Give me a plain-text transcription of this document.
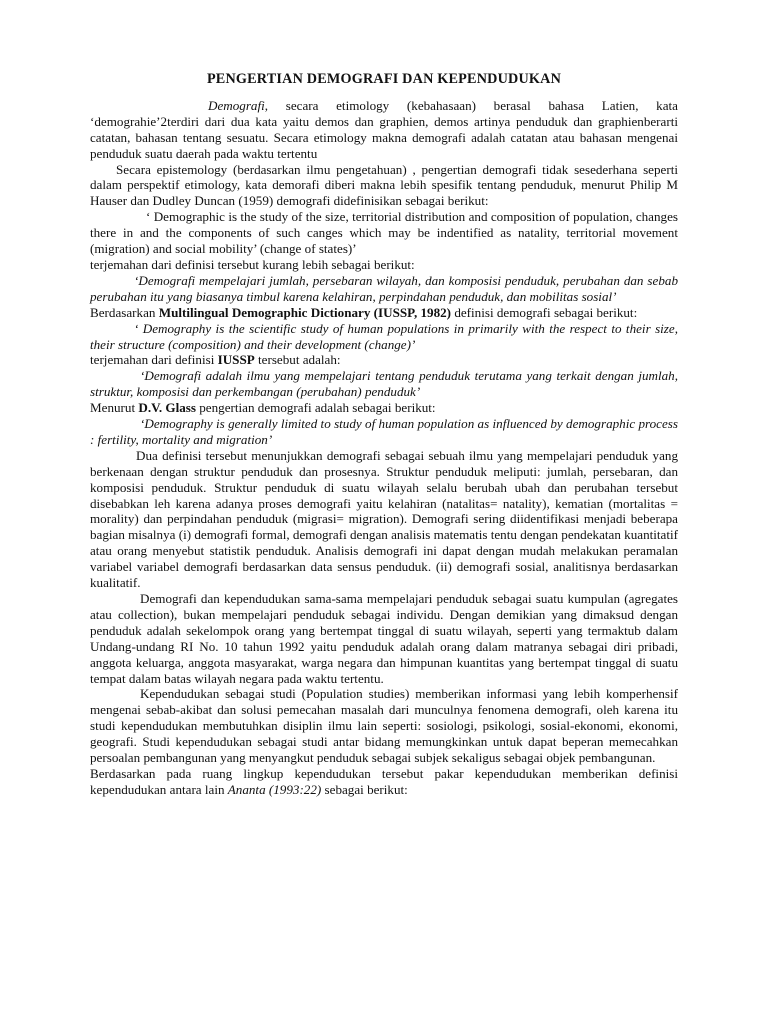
PENGERTIAN DEMOGRAFI DAN KEPENDUDUKAN

Demografi, secara etimology (kebahasaan) berasal bahasa Latien, kata ‘demograhie’2terdiri dari dua kata yaitu demos dan graphien, demos artinya penduduk dan graphienberarti catatan, bahasan tentang sesuatu. Secara etimology makna demografi adalah catatan atau bahasan mengenai penduduk suatu daerah pada waktu tertentu

Secara epistemology (berdasarkan ilmu pengetahuan) , pengertian demografi tidak sesederhana seperti dalam perspektif etimology, kata demorafi diberi makna lebih spesifik tentang penduduk, menurut Philip M Hauser dan Dudley Duncan (1959) demografi didefinisikan sebagai berikut:

‘ Demographic is the study of the size, territorial distribution and composition of population, changes there in and the components of such canges which may be indentified as natality, territorial movement (migration) and social mobility’ (change of states)’

terjemahan dari definisi tersebut kurang lebih sebagai berikut:

‘Demografi mempelajari jumlah, persebaran wilayah, dan komposisi penduduk, perubahan dan sebab perubahan itu yang biasanya timbul karena kelahiran, perpindahan penduduk, dan mobilitas sosial’

Berdasarkan Multilingual Demographic Dictionary (IUSSP, 1982) definisi demografi sebagai berikut:

‘ Demography is the scientific study of human populations in primarily with the respect to their size, their structure (composition) and their development (change)’

terjemahan dari definisi IUSSP tersebut adalah:

‘Demografi adalah ilmu yang mempelajari tentang penduduk terutama yang terkait dengan jumlah, struktur, komposisi dan perkembangan (perubahan) penduduk’

Menurut D.V. Glass pengertian demografi adalah sebagai berikut:

‘Demography is generally limited to study of human population as influenced by demographic process : fertility, mortality and migration’

Dua definisi tersebut menunjukkan demografi sebagai sebuah ilmu yang mempelajari penduduk yang berkenaan dengan struktur penduduk dan prosesnya. Struktur penduduk meliputi: jumlah, persebaran, dan komposisi penduduk. Struktur penduduk di suatu wilayah selalu berubah ubah dan perubahan tersebut disebabkan leh karena adanya proses demografi yaitu kelahiran (natalitas= natality), kematian (mortalitas = morality) dan perpindahan penduduk (migrasi= migration). Demografi sering diidentifikasi menjadi beberapa bagian misalnya (i) demografi formal, demografi dengan analisis matematis tentu dengan pendekatan kuantitatif atau orang menyebut statistik penduduk. Analisis demografi ini dapat dengan mudah melakukan peramalan variabel variabel demografi berdasarkan data sensus penduduk. (ii) demografi sosial, analitisnya berdasarkan kualitatif.

Demografi dan kependudukan sama-sama mempelajari penduduk sebagai suatu kumpulan (agregates atau collection), bukan mempelajari penduduk sebagai individu. Dengan demikian yang dimaksud dengan penduduk adalah sekelompok orang yang bertempat tinggal di suatu wilayah, seperti yang termaktub dalam Undang-undang RI No. 10 tahun 1992 yaitu penduduk adalah orang dalam matranya sebagai diri pribadi, anggota keluarga, anggota masyarakat, warga negara dan himpunan kuantitas yang bertempat tinggal di suatu tempat dalam batas wilayah negara pada waktu tertentu.

Kependudukan sebagai studi (Population studies) memberikan informasi yang lebih komperhensif mengenai sebab-akibat dan solusi pemecahan masalah dari munculnya fenomena demografi, oleh karena itu studi kependudukan membutuhkan disiplin ilmu lain seperti: sosiologi, psikologi, sosial-ekonomi, ekonomi, geografi. Studi kependudukan sebagai studi antar bidang memungkinkan untuk dapat beperan memecahkan persoalan pembangunan yang menyangkut penduduk sebagai subjek sekaligus sebagai objek pembangunan.

Berdasarkan pada ruang lingkup kependudukan tersebut pakar kependudukan memberikan definisi kependudukan antara lain Ananta (1993:22) sebagai berikut:
